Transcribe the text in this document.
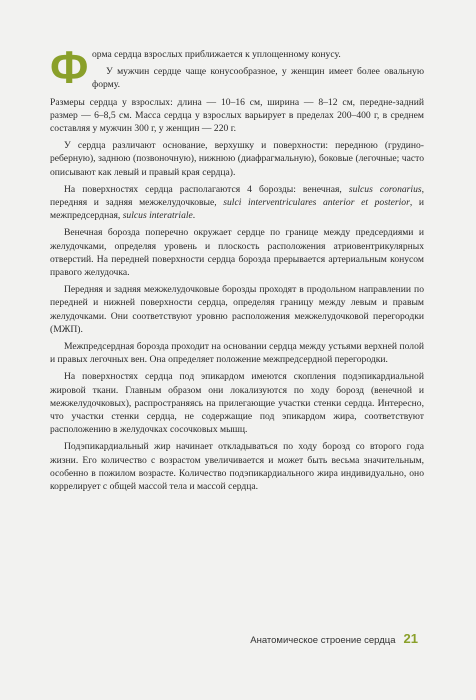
Форма сердца взрослых приближается к уплощенному конусу.

У мужчин сердце чаще конусообразное, у женщин имеет более овальную форму.

Размеры сердца у взрослых: длина — 10–16 см, ширина — 8–12 см, передне-задний размер — 6–8,5 см. Масса сердца у взрослых варьирует в пределах 200–400 г, в среднем составляя у мужчин 300 г, у женщин — 220 г.

У сердца различают основание, верхушку и поверхности: переднюю (грудино-реберную), заднюю (позвоночную), нижнюю (диафрагмальную), боковые (легочные; часто описывают как левый и правый края сердца).

На поверхностях сердца располагаются 4 борозды: венечная, sulcus coronarius, передняя и задняя межжелудочковые, sulci interventriculares anterior et posterior, и межпредсердная, sulcus interatrialе.

Венечная борозда поперечно окружает сердце по границе между предсердиями и желудочками, определяя уровень и плоскость расположения атриовентрикулярных отверстий. На передней поверхности сердца борозда прерывается артериальным конусом правого желудочка.

Передняя и задняя межжелудочковые борозды проходят в продольном направлении по передней и нижней поверхности сердца, определяя границу между левым и правым желудочками. Они соответствуют уровню расположения межжелудочковой перегородки (МЖП).

Межпредсердная борозда проходит на основании сердца между устьями верхней полой и правых легочных вен. Она определяет положение межпредсердной перегородки.

На поверхностях сердца под эпикардом имеются скопления подэпикардиальной жировой ткани. Главным образом они локализуются по ходу борозд (венечной и межжелудочковых), распространяясь на прилегающие участки стенки сердца. Интересно, что участки стенки сердца, не содержащие под эпикардом жира, соответствуют расположению в желудочках сосочковых мышц.

Подэпикардиальный жир начинает откладываться по ходу борозд со второго года жизни. Его количество с возрастом увеличивается и может быть весьма значительным, особенно в пожилом возрасте. Количество подэпикардиального жира индивидуально, оно коррелирует с общей массой тела и массой сердца.

Анатомическое строение сердца 21
